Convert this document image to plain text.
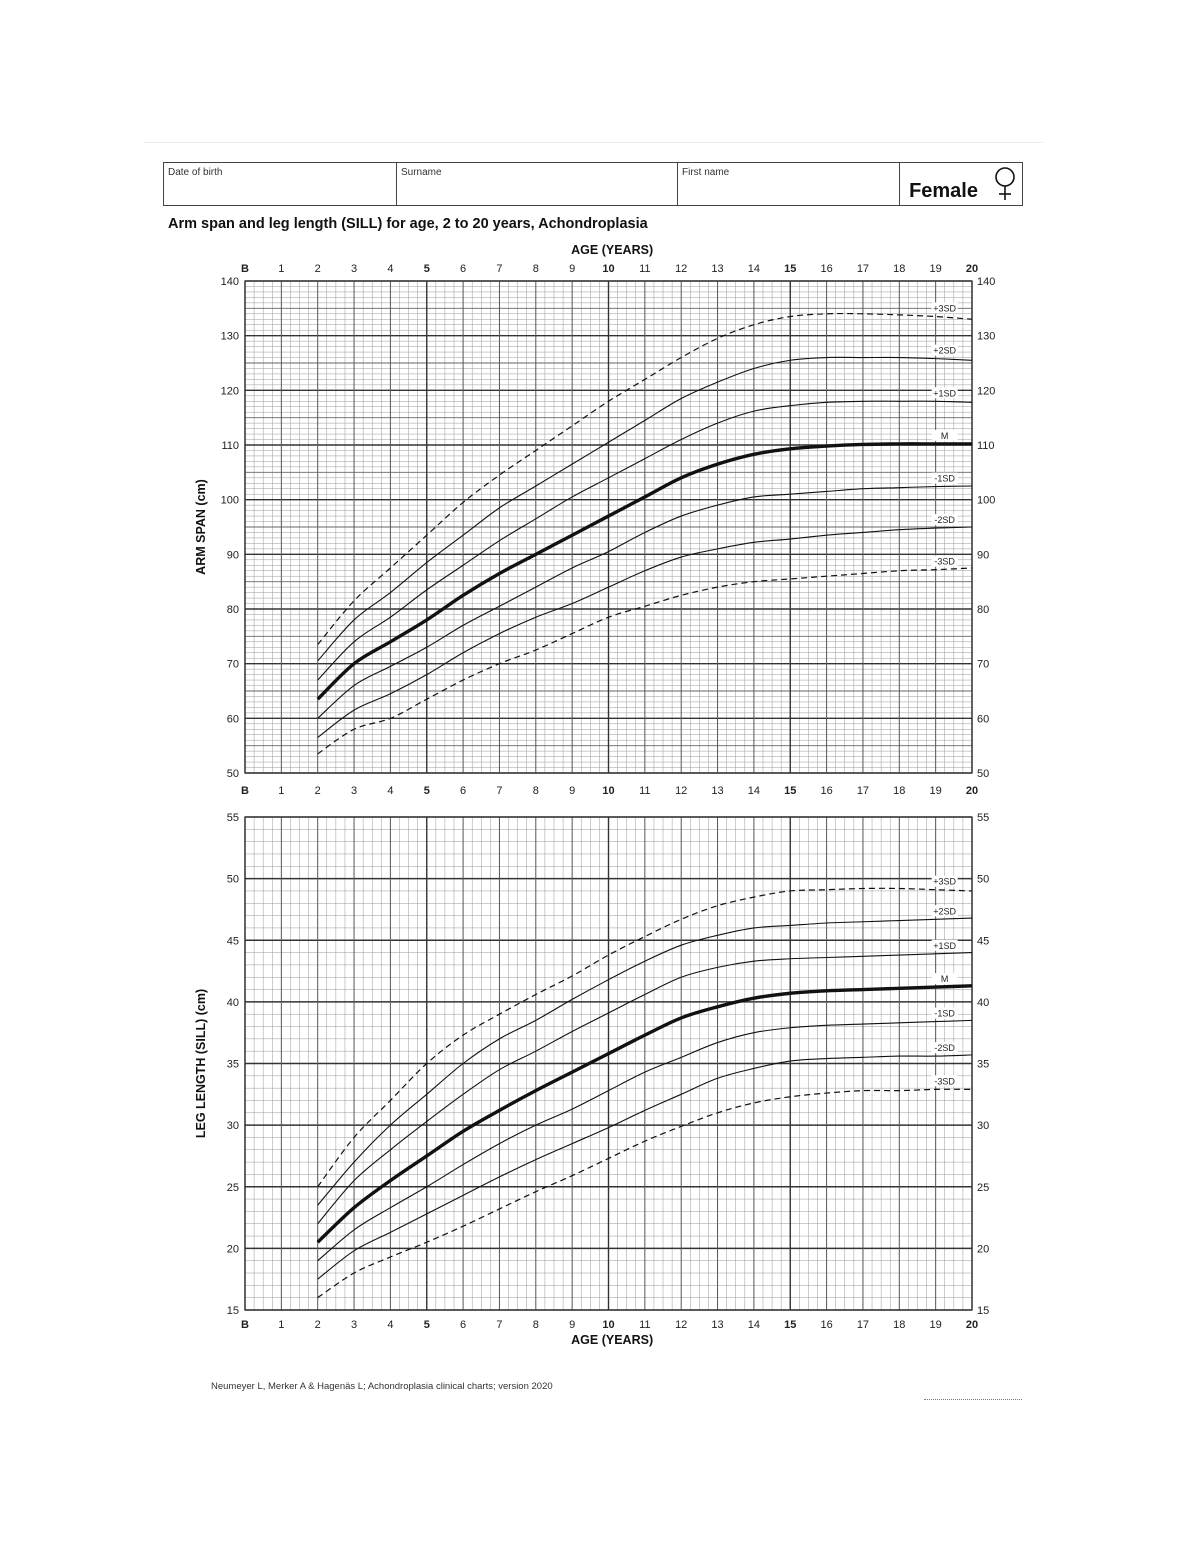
Date of birth	Surname	First name
Female
Arm span and leg length (SILL) for age, 2 to 20 years, Achondroplasia
50	50
60	60
70	70
80	80
90	90
100	100
110	110
120	120
130	130
140	140
B	1	2	3	4	5	6	7	8	9 10 11 12 13 14 15 16 17 18 19 20
B	1	2	3	4	5	6	7	8	9 10 11 12 13 14 15 16 17 18 19 20
AGE (YEARS)
ARM SPAN (cm)
+3SD
+2SD
+1SD
M
-1SD
-2SD
-3SD
15	15
20	20
25	25
30	30
35	35
40	40
45	45
50	50
55	55
B	1	2	3	4	5	6	7	8	9 10 11 12 13 14 15 16 17 18 19 20
AGE (YEARS)
LEG LENGTH (SILL) (cm)
+3SD
+2SD
+1SD
M
-1SD
-2SD
-3SD
Neumeyer L, Merker A & Hagenäs L; Achondroplasia clinical charts; version 2020
